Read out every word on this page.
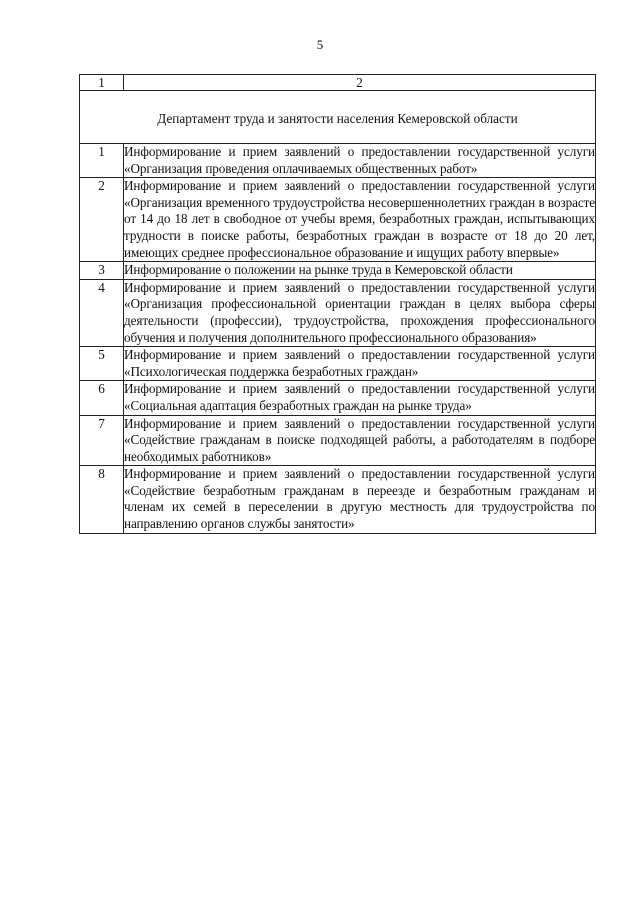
5
1	2
Департамент труда и занятости населения Кемеровской области	
1	Информирование и прием заявлений о предоставлении государственной услуги «Организация проведения оплачиваемых общественных работ»
2	Информирование и прием заявлений о предоставлении государственной услуги «Организация временного трудоустройства несовершеннолетних граждан в возрасте от 14 до 18 лет в свободное от учебы время, безработных граждан, испытывающих трудности в поиске работы, безработных граждан в возрасте от 18 до 20 лет, имеющих среднее профессиональное образование и ищущих работу впервые»
3	Информирование о положении на рынке труда в Кемеровской области
4	Информирование и прием заявлений о предоставлении государственной услуги «Организация профессиональной ориентации граждан в целях выбора сферы деятельности (профессии), трудоустройства, прохождения профессионального обучения и получения дополнительного профессионального образования»
5	Информирование и прием заявлений о предоставлении государственной услуги «Психологическая поддержка безработных граждан»
6	Информирование и прием заявлений о предоставлении государственной услуги «Социальная адаптация безработных граждан на рынке труда»
7	Информирование и прием заявлений о предоставлении государственной услуги «Содействие гражданам в поиске подходящей работы, а работодателям в подборе необходимых работников»
8	Информирование и прием заявлений о предоставлении государственной услуги «Содействие безработным гражданам в переезде и безработным гражданам и членам их семей в переселении в другую местность для трудоустройства по направлению органов службы занятости»
